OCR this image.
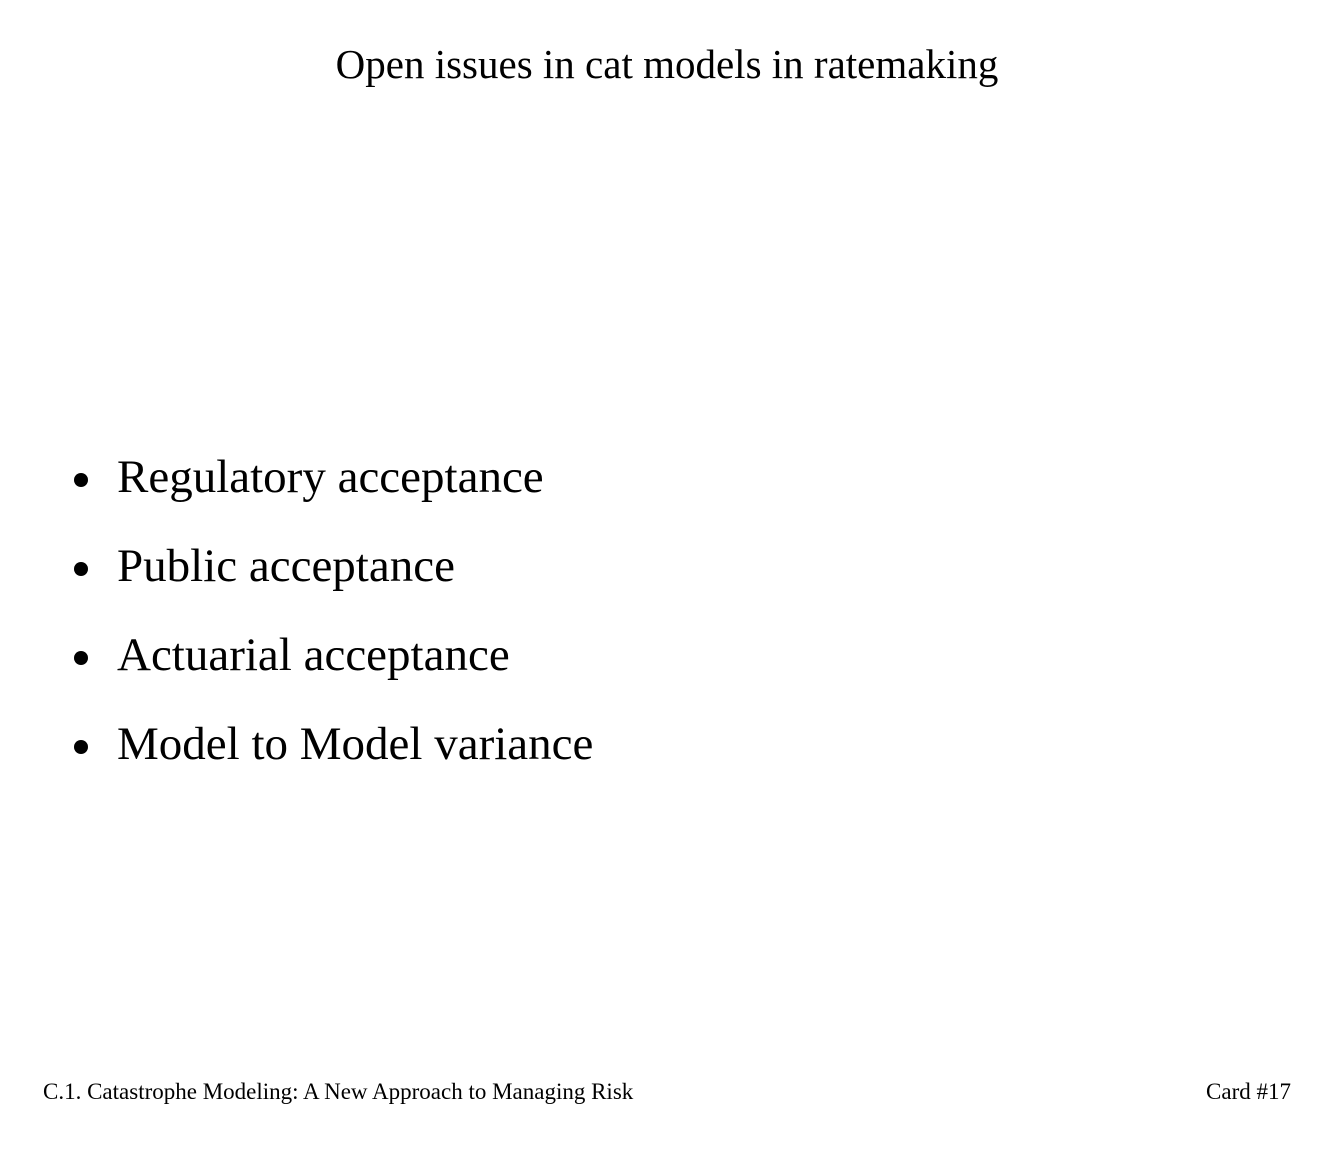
Open issues in cat models in ratemaking
Regulatory acceptance
Public acceptance
Actuarial acceptance
Model to Model variance
C.1. Catastrophe Modeling: A New Approach to Managing Risk	Card #17
